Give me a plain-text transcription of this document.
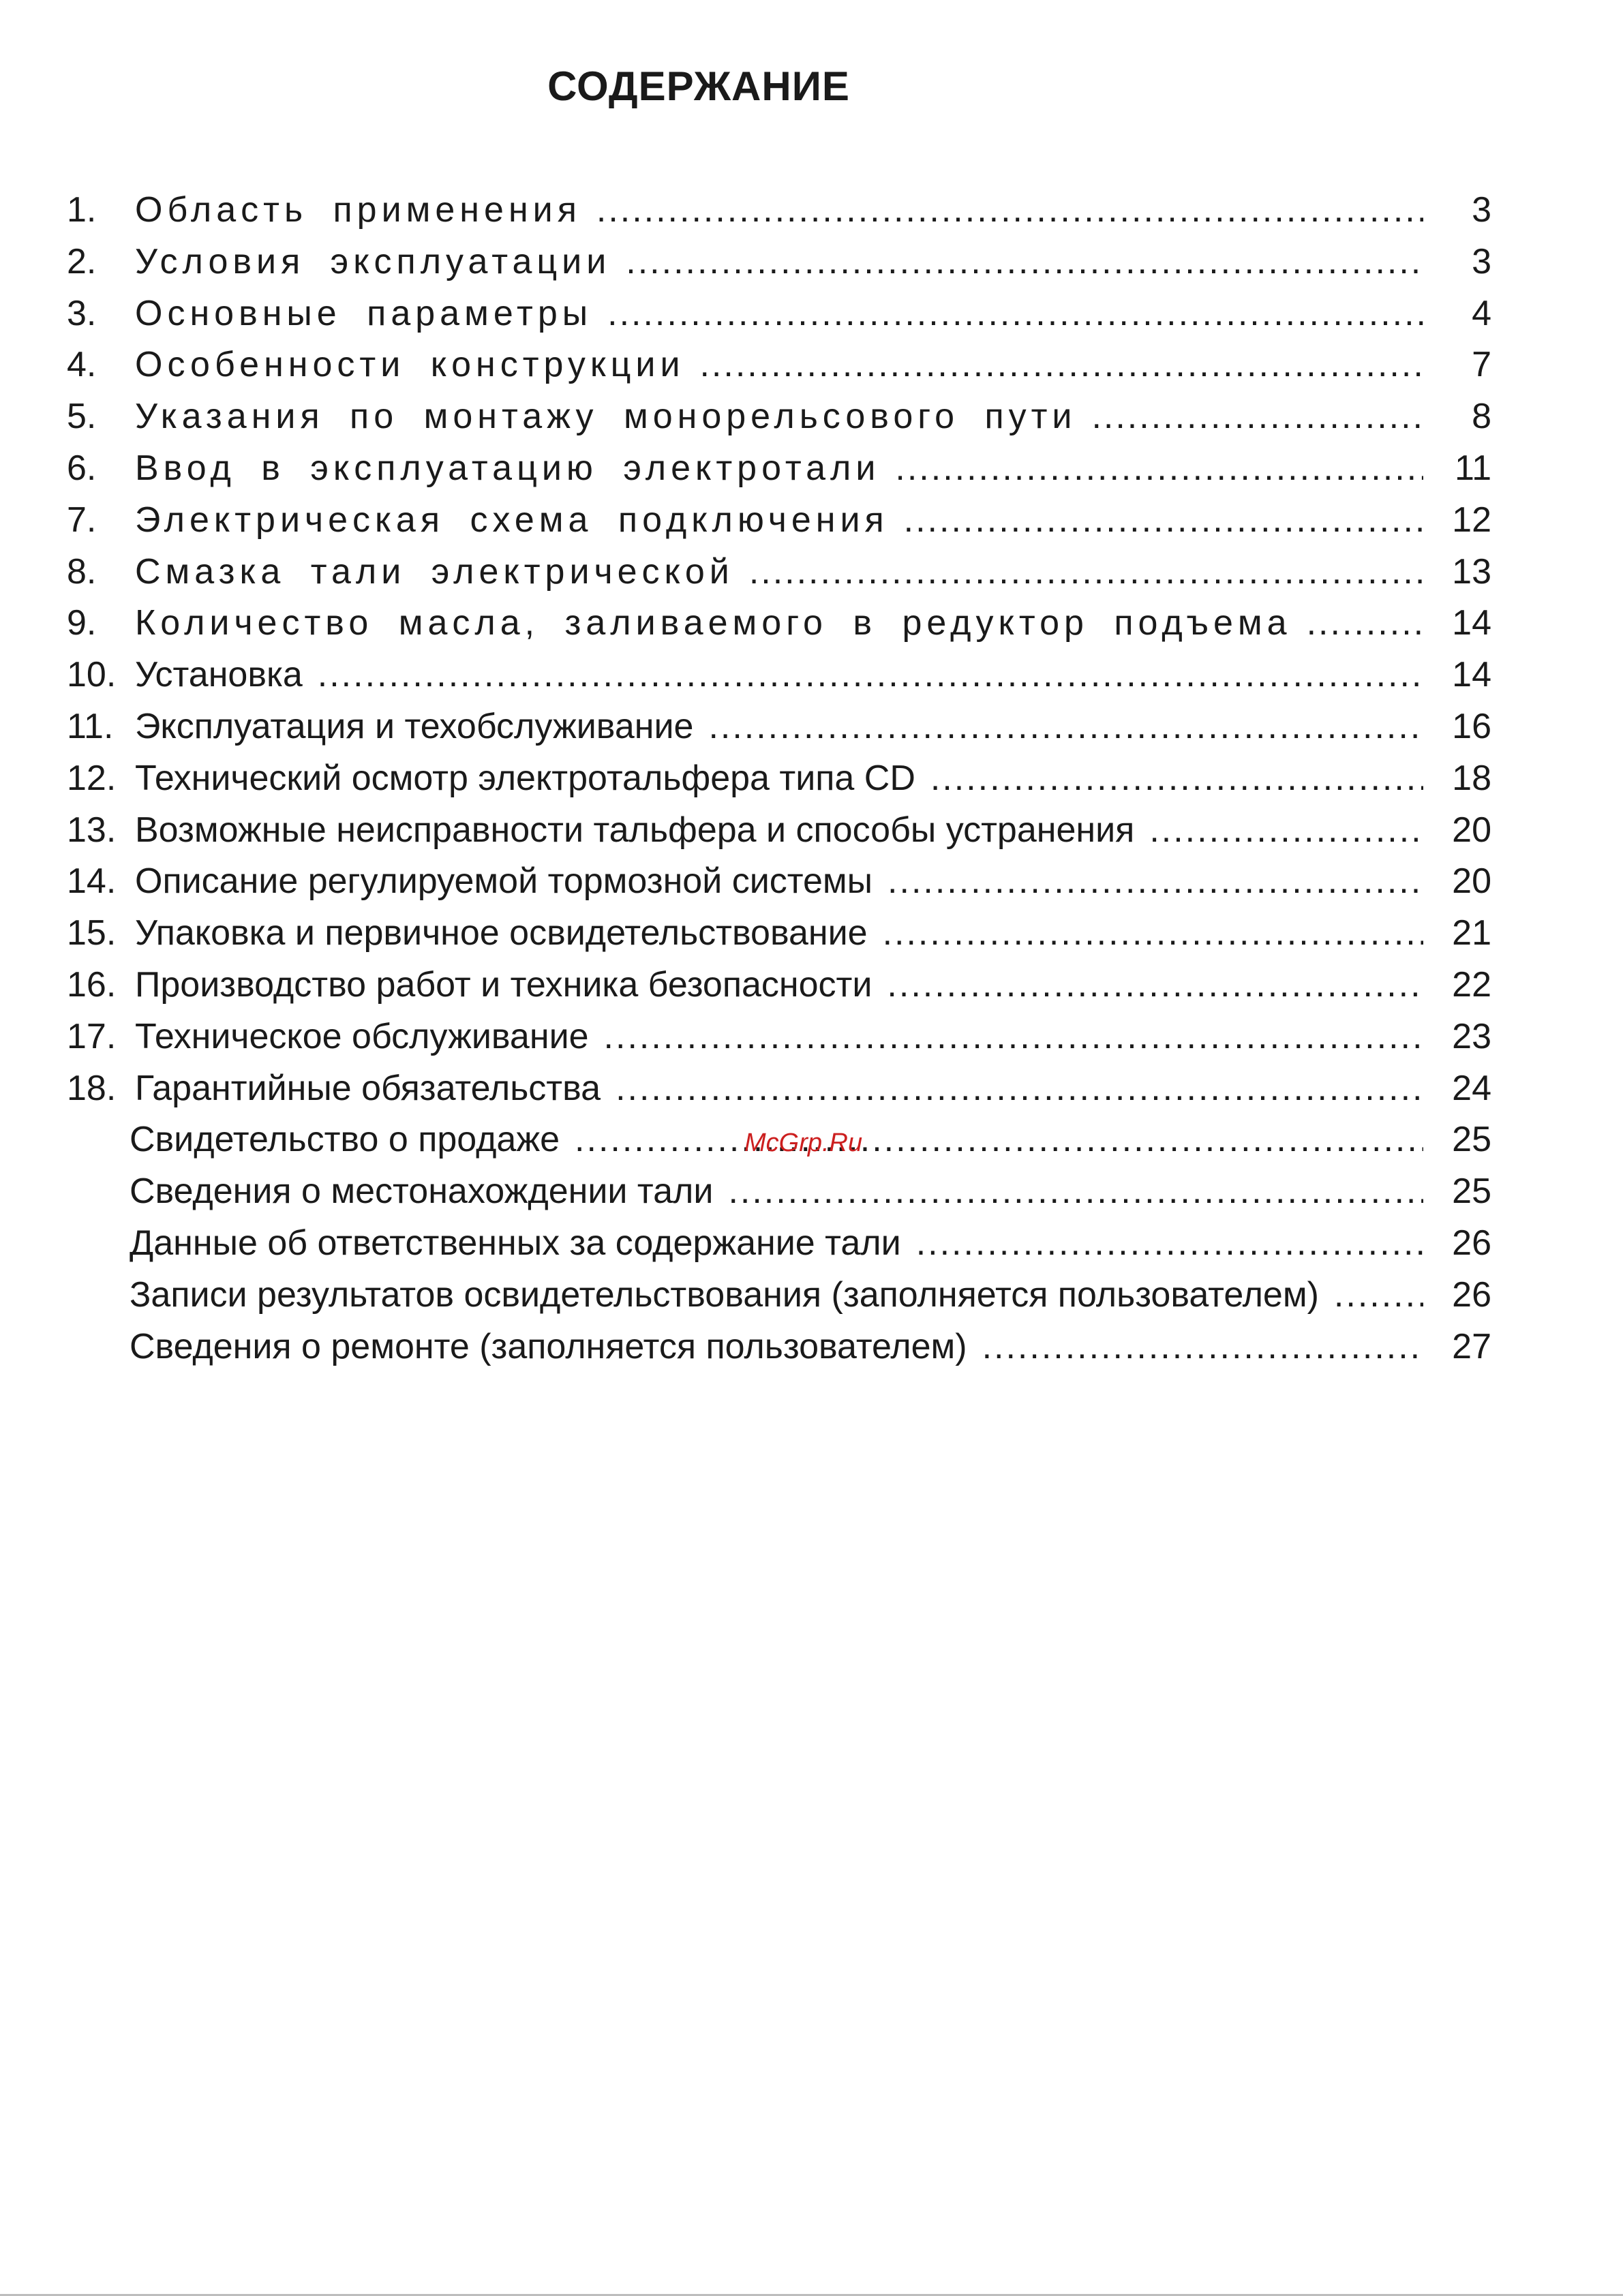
СОДЕРЖАНИЕ
1.	Область применения .....	3
2.	Условия эксплуатации .....	3
3.	Основные параметры .....	4
4.	Особенности конструкции .....	7
5.	Указания по монтажу монорельсового пути .....	8
6.	Ввод в эксплуатацию электротали .....	11
7.	Электрическая схема подключения .....	12
8.	Смазка тали электрической .....	13
9.	Количество масла, заливаемого в редуктор подъема .....	14
10. Установка .....	14
11. Эксплуатация и техобслуживание .....	16
12. Технический осмотр электротальфера типа CD .....	18
13. Возможные неисправности тальфера и способы устранения .....	20
14. Описание регулируемой тормозной системы .....	20
15. Упаковка и первичное освидетельствование .....	21
16. Производство работ и техника безопасности .....	22
17. Техническое обслуживание .....	23
18. Гарантийные обязательства .....	24
Свидетельство о продаже .....	25
Сведения о местонахождении тали .....	25
Данные об ответственных за содержание тали .....	26
Записи результатов освидетельствования (заполняется пользователем) .....	26
Сведения о ремонте (заполняется пользователем) .....	27
McGrp.Ru
